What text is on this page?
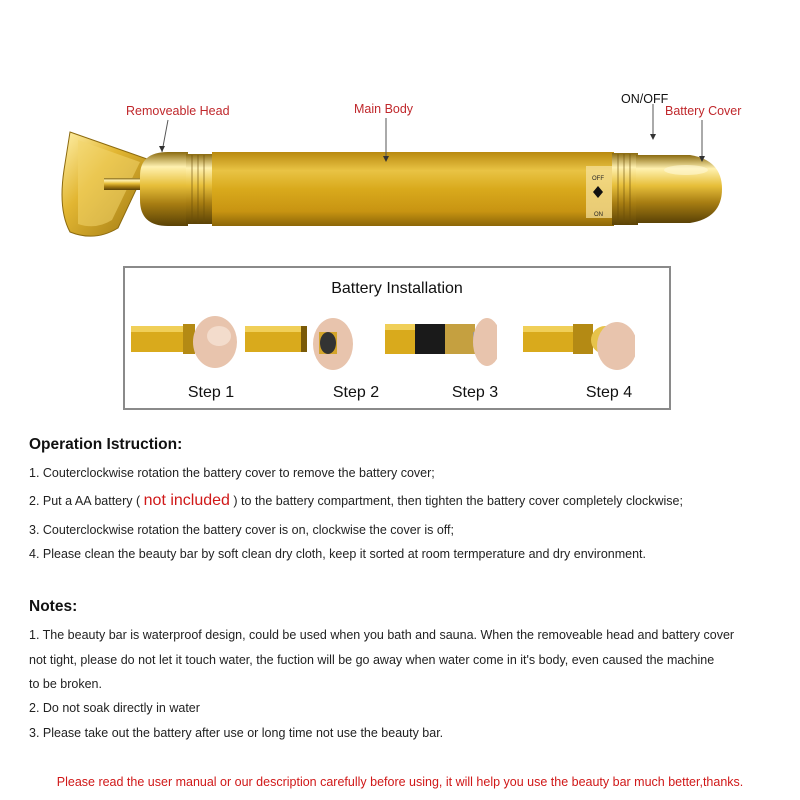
OFF
ON
Removeable Head	Main Body
ON/OFF
Battery Cover
Battery Installation
Step 1	Step 2	Step 3	Step 4
Operation Istruction:
1. Couterclockwise rotation the battery cover to remove the battery cover;
2. Put a AA battery ( not included ) to the battery compartment, then tighten the battery cover completely clockwise;
3. Couterclockwise rotation the battery cover is on, clockwise the cover is off;
4. Please clean the beauty bar by soft clean dry cloth, keep it sorted at room termperature and dry environment.
Notes:
1. The beauty bar is waterproof design, could be used when you bath and sauna. When the removeable head and battery cover
not tight, please do not let it touch water, the fuction will be go away when water come in it's body, even caused the machine
to be broken.
2. Do not soak directly in water
3. Please take out the battery after use or long time not use the beauty bar.
Please read the user manual or our description carefully before using, it will help you use the beauty bar much better,thanks.
